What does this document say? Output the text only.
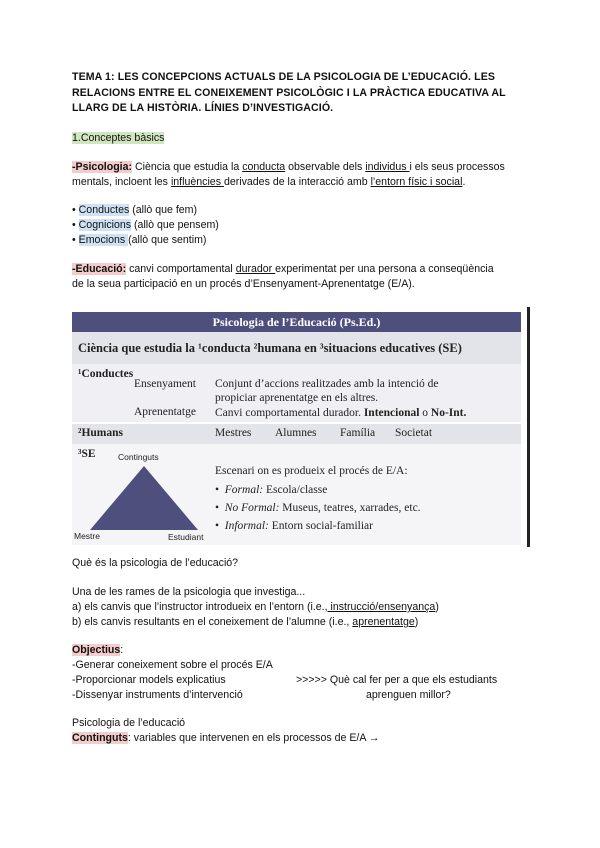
TEMA 1: LES CONCEPCIONS ACTUALS DE LA PSICOLOGIA DE L’EDUCACIÓ. LES RELACIONS ENTRE EL CONEIXEMENT PSICOLÒGIC I LA PRÀCTICA EDUCATIVA AL LLARG DE LA HISTÒRIA. LÍNIES D’INVESTIGACIÓ.
1.Conceptes bàsics
-Psicologia: Ciència que estudia la conducta observable dels individus i els seus processos
mentals, incloent les influències derivades de la interacció amb l’entorn físic i social.
• Conductes (allò que fem)
• Cognicions (allò que pensem)
• Emocions (allò que sentim)
-Educació: canvi comportamental durador experimentat per una persona a conseqüència
de la seua participació en un procés d’Ensenyament-Aprenentatge (E/A).
Psicologia de l’Educació (Ps.Ed.)
Ciència que estudia la ¹conducta ²humana en ³situacions educatives (SE)
¹Conductes
Ensenyament Conjunt d’accions realitzades amb la intenció de
propiciar aprenentatge en els altres.
Aprenentatge Canvi comportamental durador. Intencional o No-Int.
²Humans	Mestres Alumnes Família Societat
³SE	Continguts
Mestre	Estudiant
Escenari on es produeix el procés de E/A:
• Formal: Escola/classe
• No Formal: Museus, teatres, xarrades, etc.
• Informal: Entorn social-familiar
Què és la psicologia de l’educació?
Una de les rames de la psicologia que investiga...
a) els canvis que l’instructor introdueix en l’entorn (i.e., instrucció/ensenyança)
b) els canvis resultants en el coneixement de l’alumne (i.e., aprenentatge)
Objectius:
-Generar coneixement sobre el procés E/A
-Proporcionar models explicatius
-Dissenyar instruments d’intervenció
>>>>> Què cal fer per a que els estudiants
aprenguen millor?
Psicologia de l’educació
Continguts: variables que intervenen en els processos de E/A →
